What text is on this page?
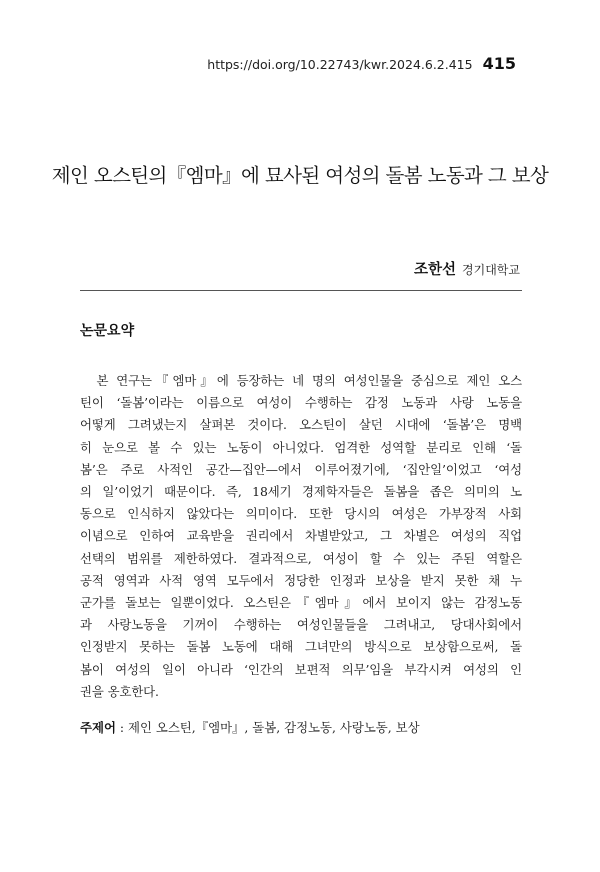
https://doi.org/10.22743/kwr.2024.6.2.415 415
제인 오스틴의『엠마』에 묘사된 여성의 돌봄 노동과 그 보상
조한선 경기대학교
논문요약

　본 연구는『엠마』에 등장하는 네 명의 여성인물을 중심으로 제인 오스
틴이 ‘돌봄’이라는 이름으로 여성이 수행하는 감정 노동과 사랑 노동을
어떻게 그려냈는지 살펴본 것이다. 오스틴이 살던 시대에 ‘돌봄’은 명백
히 눈으로 볼 수 있는 노동이 아니었다. 엄격한 성역할 분리로 인해 ‘돌
봄’은 주로 사적인 공간—집안—에서 이루어졌기에, ‘집안일’이었고 ‘여성
의 일’이었기 때문이다. 즉, 18세기 경제학자들은 돌봄을 좁은 의미의 노
동으로 인식하지 않았다는 의미이다. 또한 당시의 여성은 가부장적 사회
이념으로 인하여 교육받을 권리에서 차별받았고, 그 차별은 여성의 직업
선택의 범위를 제한하였다. 결과적으로, 여성이 할 수 있는 주된 역할은
공적 영역과 사적 영역 모두에서 정당한 인정과 보상을 받지 못한 채 누
군가를 돌보는 일뿐이었다. 오스틴은『엠마』에서 보이지 않는 감정노동
과 사랑노동을 기꺼이 수행하는 여성인물들을 그려내고, 당대사회에서
인정받지 못하는 돌봄 노동에 대해 그녀만의 방식으로 보상함으로써, 돌
봄이 여성의 일이 아니라 ‘인간의 보편적 의무’임을 부각시켜 여성의 인
권을 옹호한다.

주제어 : 제인 오스틴,『엠마』, 돌봄, 감정노동, 사랑노동, 보상
